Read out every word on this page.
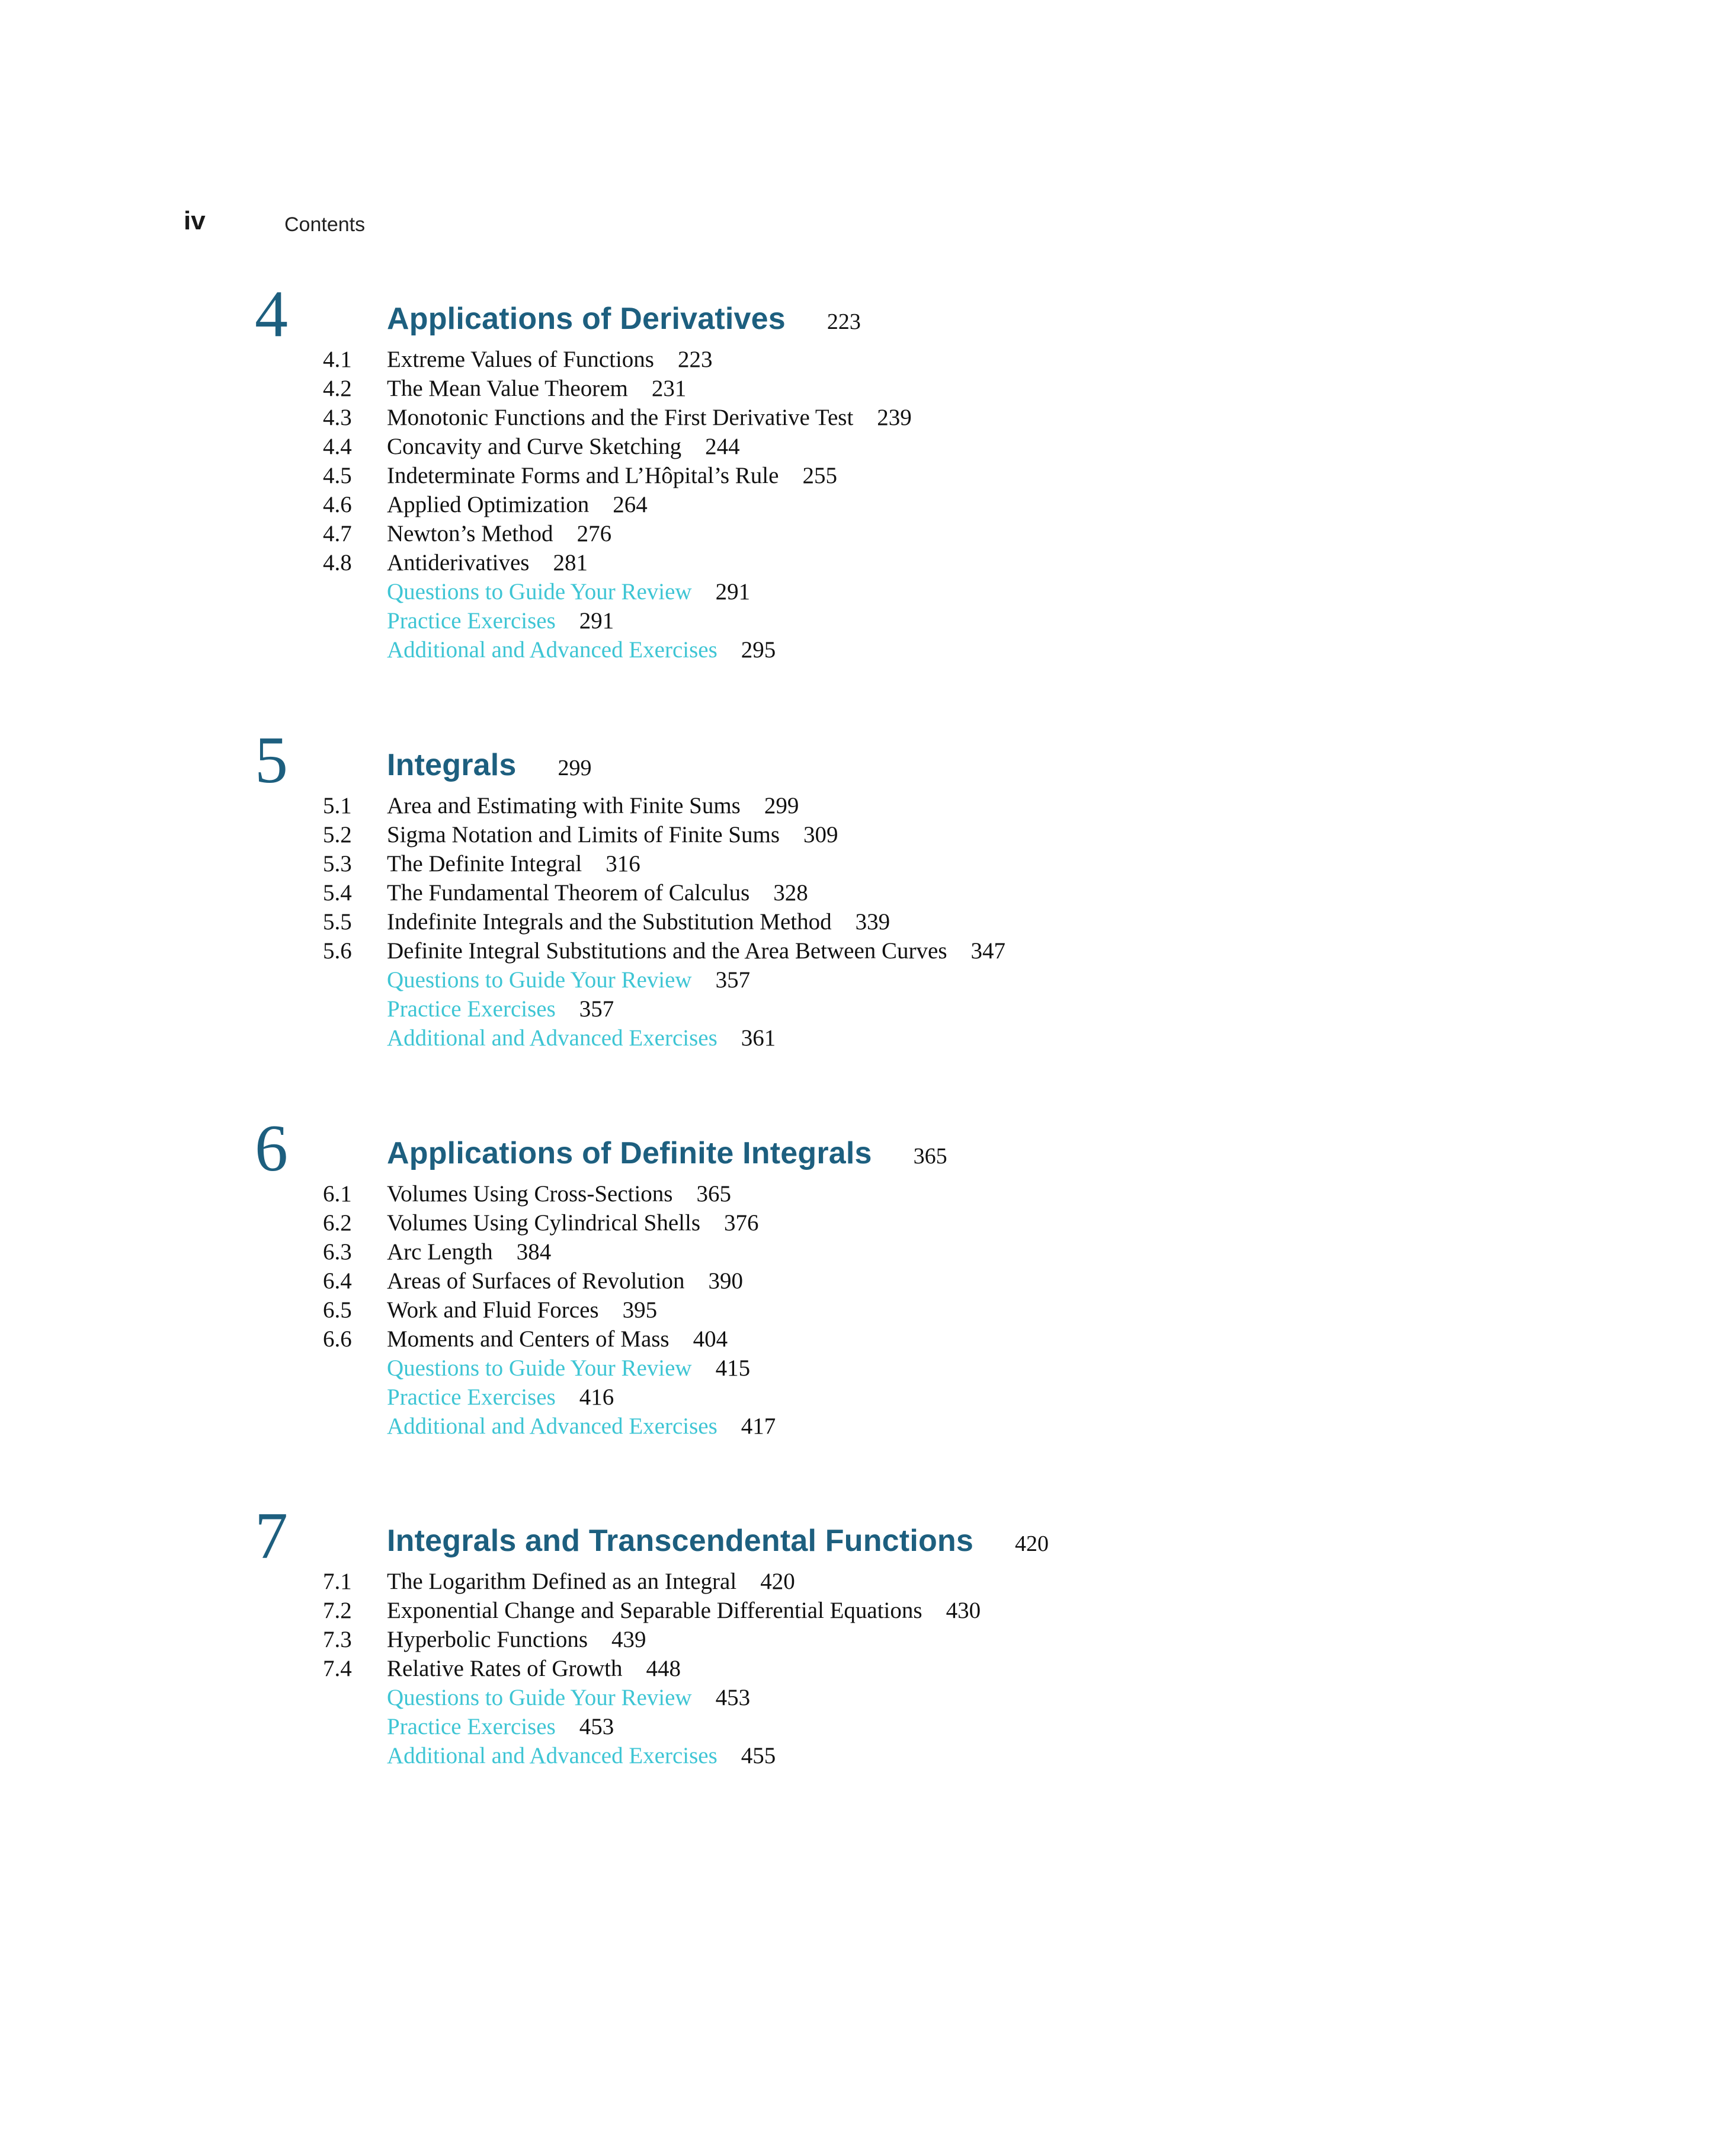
iv	Contents
4	Applications of Derivatives 223
4.1 Extreme Values of Functions 223
4.2 The Mean Value Theorem 231
4.3 Monotonic Functions and the First Derivative Test 239
4.4 Concavity and Curve Sketching 244
4.5 Indeterminate Forms and L’Hôpital’s Rule 255
4.6 Applied Optimization 264
4.7 Newton’s Method 276
4.8 Antiderivatives 281
Questions to Guide Your Review 291
Practice Exercises 291
Additional and Advanced Exercises 295
5	Integrals 299
5.1 Area and Estimating with Finite Sums 299
5.2 Sigma Notation and Limits of Finite Sums 309
5.3 The Definite Integral 316
5.4 The Fundamental Theorem of Calculus 328
5.5 Indefinite Integrals and the Substitution Method 339
5.6 Definite Integral Substitutions and the Area Between Curves 347
Questions to Guide Your Review 357
Practice Exercises 357
Additional and Advanced Exercises 361
6	Applications of Definite Integrals 365
6.1 Volumes Using Cross-Sections 365
6.2 Volumes Using Cylindrical Shells 376
6.3 Arc Length 384
6.4 Areas of Surfaces of Revolution 390
6.5 Work and Fluid Forces 395
6.6 Moments and Centers of Mass 404
Questions to Guide Your Review 415
Practice Exercises 416
Additional and Advanced Exercises 417
7	Integrals and Transcendental Functions 420
7.1 The Logarithm Defined as an Integral 420
7.2 Exponential Change and Separable Differential Equations 430
7.3 Hyperbolic Functions 439
7.4 Relative Rates of Growth 448
Questions to Guide Your Review 453
Practice Exercises 453
Additional and Advanced Exercises 455
